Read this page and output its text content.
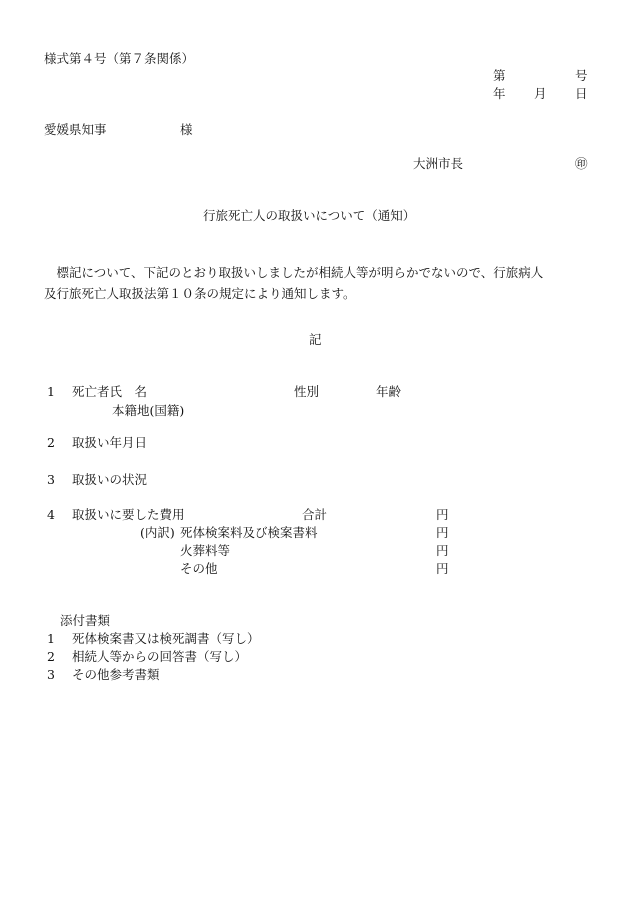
様式第４号（第７条関係）
第	号
年 月 日
愛媛県知事	様
大洲市長	㊞
行旅死亡人の取扱いについて（通知）
　標記について、下記のとおり取扱いしましたが相続人等が明らかでないので、行旅病人
及行旅死亡人取扱法第１０条の規定により通知します。
記
1 死亡者氏　名	性別	年齢
本籍地(国籍)
2 取扱い年月日
3 取扱いの状況
4 取扱いに要した費用	合計	円
(内訳) 死体検案料及び検案書料	円
火葬料等	円
その他	円
添付書類
1 死体検案書又は検死調書（写し）
2 相続人等からの回答書（写し）
3 その他参考書類
